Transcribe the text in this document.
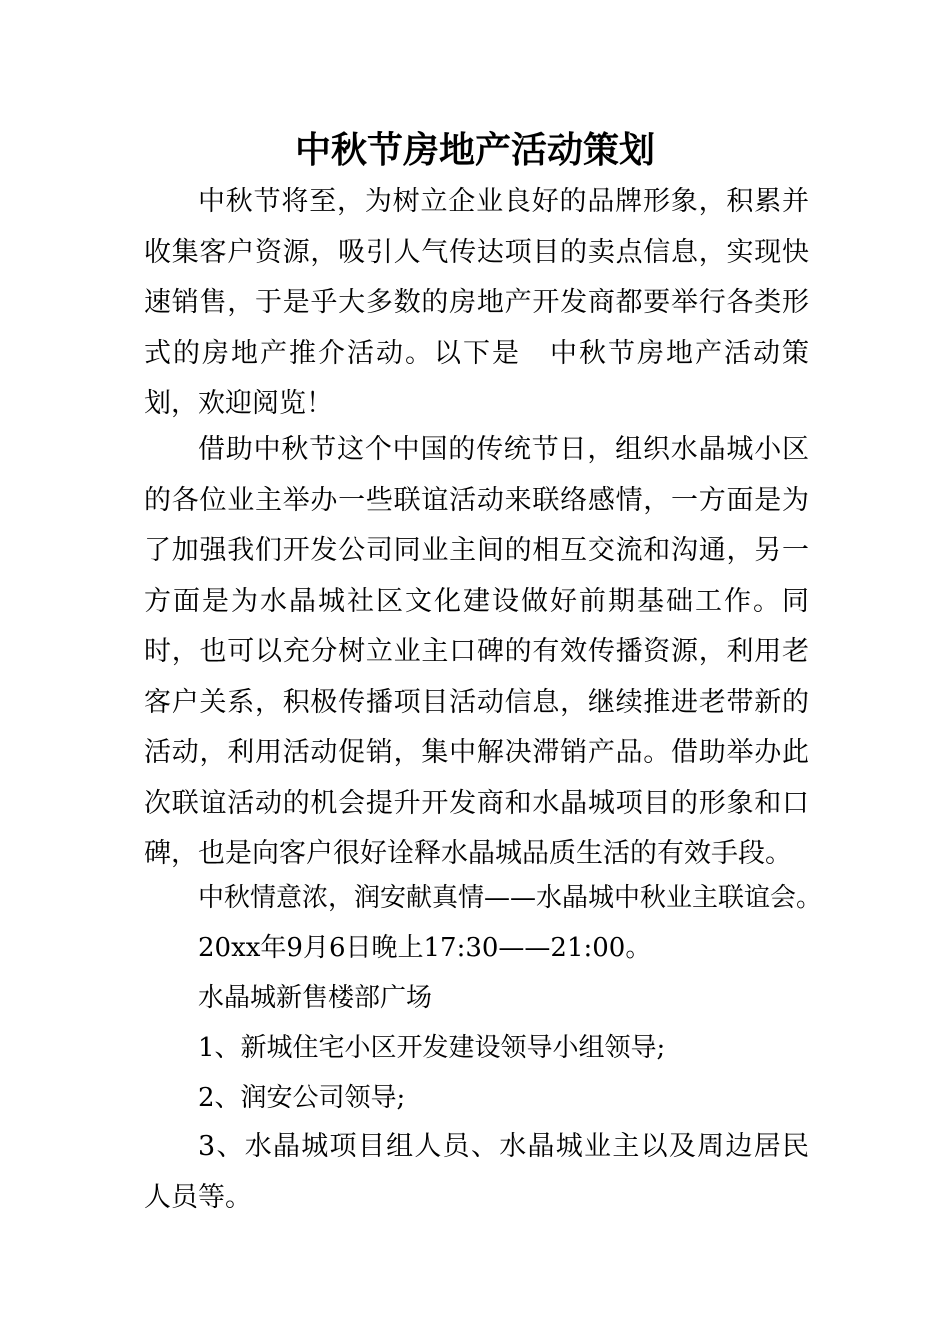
中秋节房地产活动策划

中秋节将至，为树立企业良好的品牌形象，积累并收集客户资源，吸引人气传达项目的卖点信息，实现快速销售，于是乎大多数的房地产开发商都要举行各类形式的房地产推介活动。以下是　中秋节房地产活动策划，欢迎阅览！

借助中秋节这个中国的传统节日，组织水晶城小区的各位业主举办一些联谊活动来联络感情，一方面是为了加强我们开发公司同业主间的相互交流和沟通，另一方面是为水晶城社区文化建设做好前期基础工作。同时，也可以充分树立业主口碑的有效传播资源，利用老客户关系，积极传播项目活动信息，继续推进老带新的活动，利用活动促销，集中解决滞销产品。借助举办此次联谊活动的机会提升开发商和水晶城项目的形象和口碑，也是向客户很好诠释水晶城品质生活的有效手段。

中秋情意浓，润安献真情——水晶城中秋业主联谊会。

20xx年9月6日晚上17:30——21:00。

水晶城新售楼部广场

1、新城住宅小区开发建设领导小组领导;

2、润安公司领导;

3、水晶城项目组人员、水晶城业主以及周边居民人员等。
